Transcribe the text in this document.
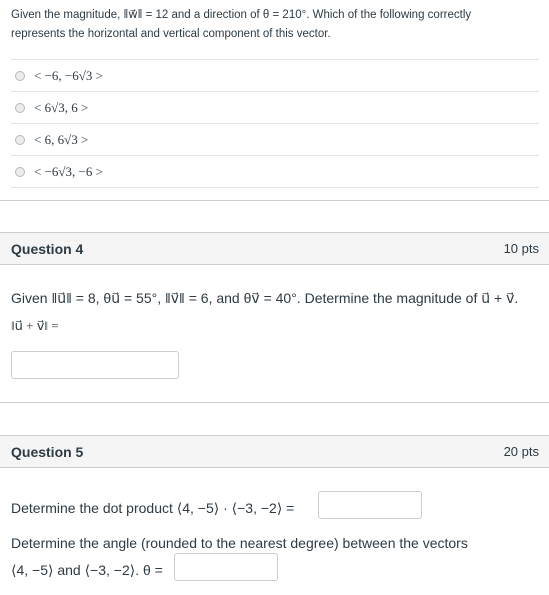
Given the magnitude, ‖w⃗‖ = 12 and a direction of θ = 210°. Which of the following correctly
represents the horizontal and vertical component of this vector.
< −6, −6√3 >
< 6√3, 6 >
< 6, 6√3 >
< −6√3, −6 >
Question 4	10 pts
Given ‖u⃗‖ = 8, θu⃗ = 55°, ‖v⃗‖ = 6, and θv⃗ = 40°. Determine the magnitude of u⃗ + v⃗.
‖u⃗ + v⃗‖ =
Question 5	20 pts
Determine the dot product ⟨4, −5⟩ · ⟨−3, −2⟩ =
Determine the angle (rounded to the nearest degree) between the vectors
⟨4, −5⟩ and ⟨−3, −2⟩. θ =
